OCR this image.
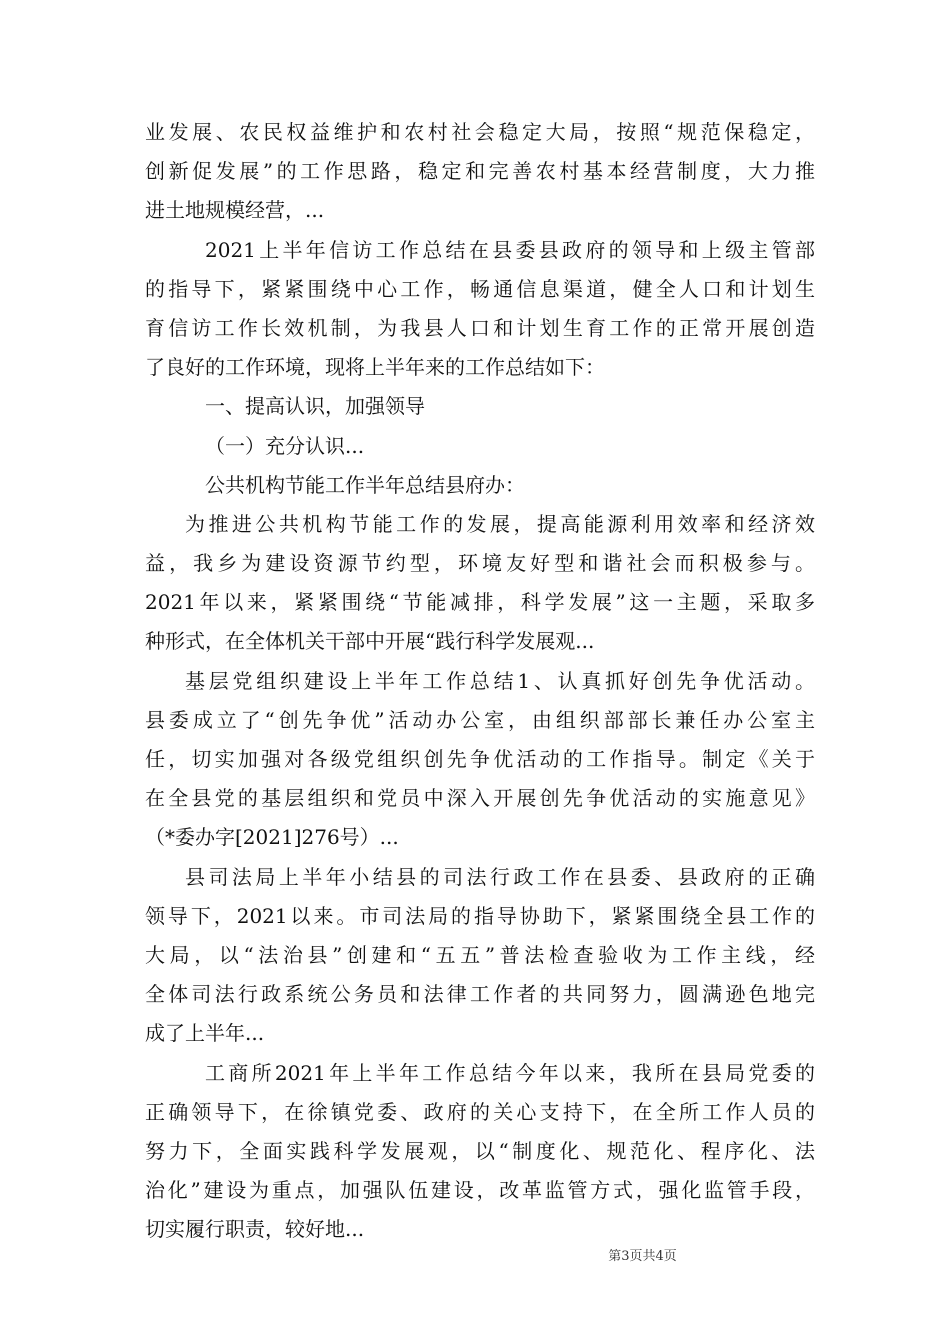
业发展、农民权益维护和农村社会稳定大局，按照“规范保稳定，
创新促发展”的工作思路，稳定和完善农村基本经营制度，大力推
进土地规模经营，...
2021上半年信访工作总结在县委县政府的领导和上级主管部
的指导下，紧紧围绕中心工作，畅通信息渠道，健全人口和计划生
育信访工作长效机制，为我县人口和计划生育工作的正常开展创造
了良好的工作环境，现将上半年来的工作总结如下：
一、提高认识，加强领导
（一）充分认识...
公共机构节能工作半年总结县府办：
为推进公共机构节能工作的发展，提高能源利用效率和经济效
益，我乡为建设资源节约型，环境友好型和谐社会而积极参与。
2021年以来，紧紧围绕“节能减排，科学发展”这一主题，采取多
种形式，在全体机关干部中开展“践行科学发展观...
基层党组织建设上半年工作总结1、认真抓好创先争优活动。
县委成立了“创先争优”活动办公室，由组织部部长兼任办公室主
任，切实加强对各级党组织创先争优活动的工作指导。制定《关于
在全县党的基层组织和党员中深入开展创先争优活动的实施意见》
（*委办字[2021]276号）...
县司法局上半年小结县的司法行政工作在县委、县政府的正确
领导下，2021以来。市司法局的指导协助下，紧紧围绕全县工作的
大局，以“法治县”创建和“五五”普法检查验收为工作主线，经
全体司法行政系统公务员和法律工作者的共同努力，圆满逊色地完
成了上半年...
工商所2021年上半年工作总结今年以来，我所在县局党委的
正确领导下，在徐镇党委、政府的关心支持下，在全所工作人员的
努力下，全面实践科学发展观，以“制度化、规范化、程序化、法
治化”建设为重点，加强队伍建设，改革监管方式，强化监管手段，
切实履行职责，较好地...
第3页共4页
